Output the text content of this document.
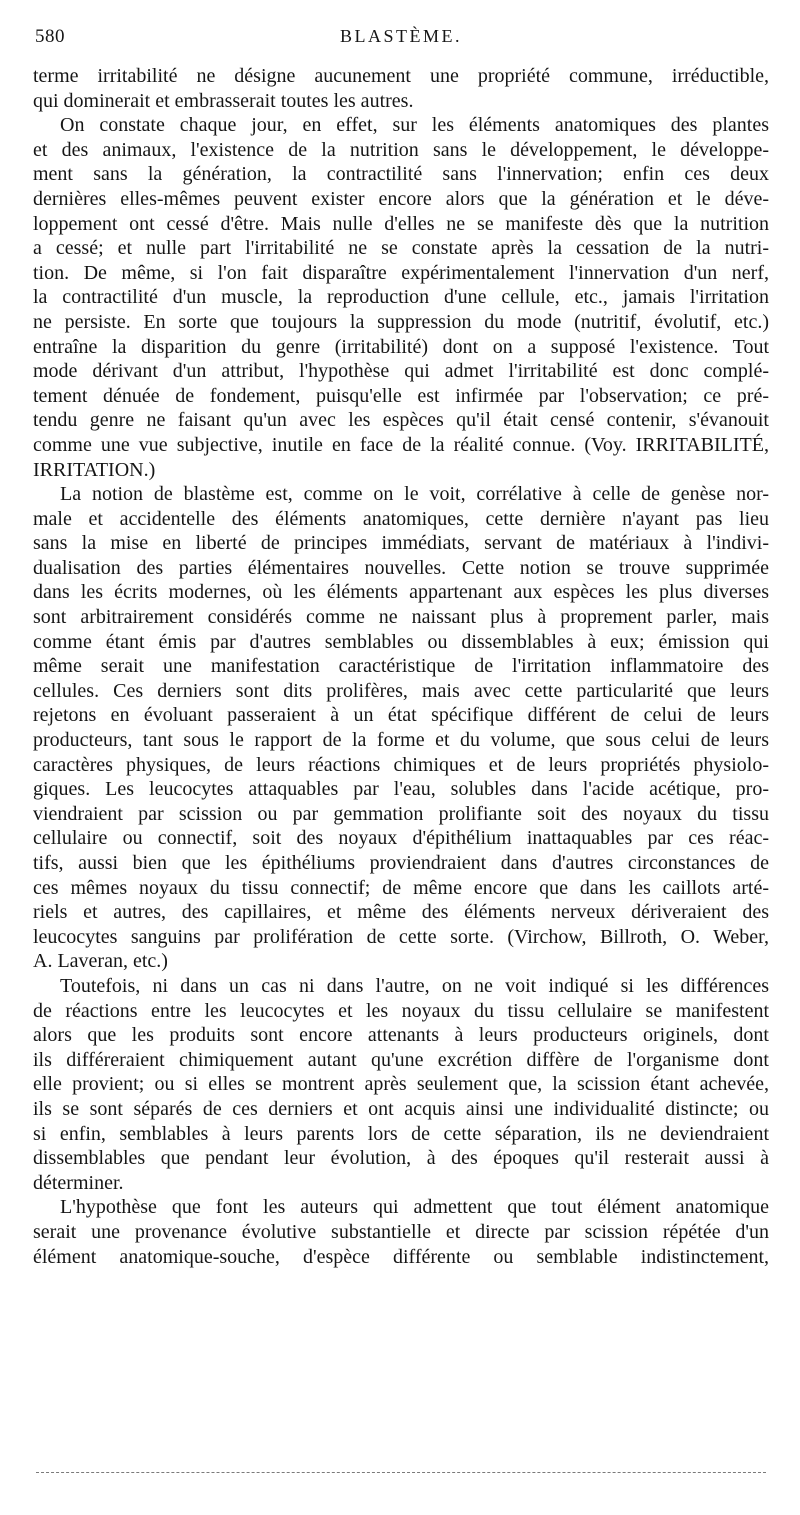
580	BLASTÈME.
terme irritabilité ne désigne aucunement une propriété commune, irréductible,
qui dominerait et embrasserait toutes les autres.
On constate chaque jour, en effet, sur les éléments anatomiques des plantes
et des animaux, l'existence de la nutrition sans le développement, le développe-
ment sans la génération, la contractilité sans l'innervation; enfin ces deux
dernières elles-mêmes peuvent exister encore alors que la génération et le déve-
loppement ont cessé d'être. Mais nulle d'elles ne se manifeste dès que la nutrition
a cessé; et nulle part l'irritabilité ne se constate après la cessation de la nutri-
tion. De même, si l'on fait disparaître expérimentalement l'innervation d'un nerf,
la contractilité d'un muscle, la reproduction d'une cellule, etc., jamais l'irritation
ne persiste. En sorte que toujours la suppression du mode (nutritif, évolutif, etc.)
entraîne la disparition du genre (irritabilité) dont on a supposé l'existence. Tout
mode dérivant d'un attribut, l'hypothèse qui admet l'irritabilité est donc complé-
tement dénuée de fondement, puisqu'elle est infirmée par l'observation; ce pré-
tendu genre ne faisant qu'un avec les espèces qu'il était censé contenir, s'évanouit
comme une vue subjective, inutile en face de la réalité connue. (Voy. IRRITABILITÉ,
IRRITATION.)
La notion de blastème est, comme on le voit, corrélative à celle de genèse nor-
male et accidentelle des éléments anatomiques, cette dernière n'ayant pas lieu
sans la mise en liberté de principes immédiats, servant de matériaux à l'indivi-
dualisation des parties élémentaires nouvelles. Cette notion se trouve supprimée
dans les écrits modernes, où les éléments appartenant aux espèces les plus diverses
sont arbitrairement considérés comme ne naissant plus à proprement parler, mais
comme étant émis par d'autres semblables ou dissemblables à eux; émission qui
même serait une manifestation caractéristique de l'irritation inflammatoire des
cellules. Ces derniers sont dits prolifères, mais avec cette particularité que leurs
rejetons en évoluant passeraient à un état spécifique différent de celui de leurs
producteurs, tant sous le rapport de la forme et du volume, que sous celui de leurs
caractères physiques, de leurs réactions chimiques et de leurs propriétés physiolo-
giques. Les leucocytes attaquables par l'eau, solubles dans l'acide acétique, pro-
viendraient par scission ou par gemmation prolifiante soit des noyaux du tissu
cellulaire ou connectif, soit des noyaux d'épithélium inattaquables par ces réac-
tifs, aussi bien que les épithéliums proviendraient dans d'autres circonstances de
ces mêmes noyaux du tissu connectif; de même encore que dans les caillots arté-
riels et autres, des capillaires, et même des éléments nerveux dériveraient des
leucocytes sanguins par prolifération de cette sorte. (Virchow, Billroth, O. Weber,
A. Laveran, etc.)
Toutefois, ni dans un cas ni dans l'autre, on ne voit indiqué si les différences
de réactions entre les leucocytes et les noyaux du tissu cellulaire se manifestent
alors que les produits sont encore attenants à leurs producteurs originels, dont
ils différeraient chimiquement autant qu'une excrétion diffère de l'organisme dont
elle provient; ou si elles se montrent après seulement que, la scission étant achevée,
ils se sont séparés de ces derniers et ont acquis ainsi une individualité distincte; ou
si enfin, semblables à leurs parents lors de cette séparation, ils ne deviendraient
dissemblables que pendant leur évolution, à des époques qu'il resterait aussi à
déterminer.
L'hypothèse que font les auteurs qui admettent que tout élément anatomique
serait une provenance évolutive substantielle et directe par scission répétée d'un
élément anatomique-souche, d'espèce différente ou semblable indistinctement,
